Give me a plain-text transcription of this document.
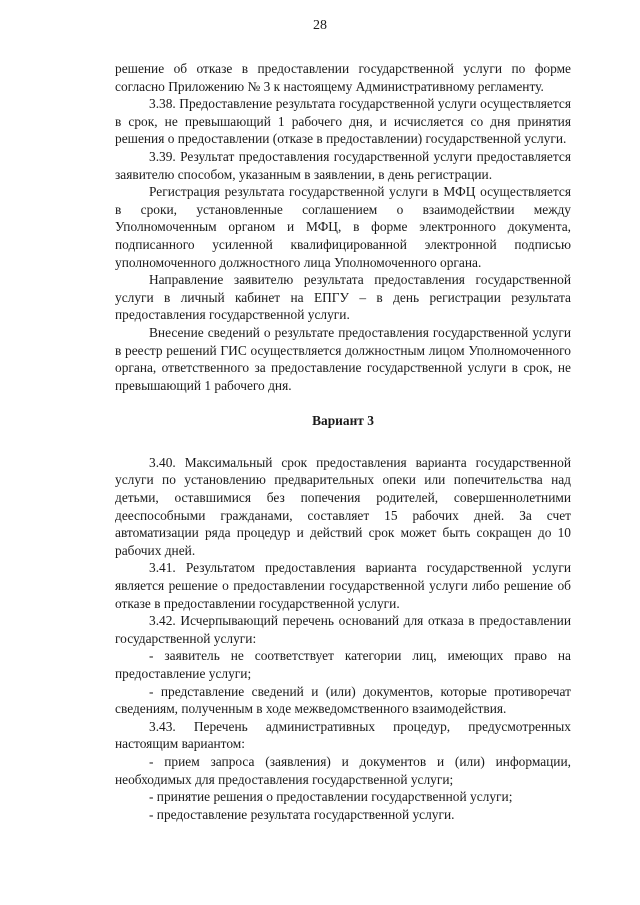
28

решение об отказе в предоставлении государственной услуги по форме согласно Приложению № 3 к настоящему Административному регламенту.

3.38. Предоставление результата государственной услуги осуществляется в срок, не превышающий 1 рабочего дня, и исчисляется со дня принятия решения о предоставлении (отказе в предоставлении) государственной услуги.

3.39. Результат предоставления государственной услуги предоставляется заявителю способом, указанным в заявлении, в день регистрации.

Регистрация результата государственной услуги в МФЦ осуществляется в сроки, установленные соглашением о взаимодействии между Уполномоченным органом и МФЦ, в форме электронного документа, подписанного усиленной квалифицированной электронной подписью уполномоченного должностного лица Уполномоченного органа.

Направление заявителю результата предоставления государственной услуги в личный кабинет на ЕПГУ – в день регистрации результата предоставления государственной услуги.

Внесение сведений о результате предоставления государственной услуги в реестр решений ГИС осуществляется должностным лицом Уполномоченного органа, ответственного за предоставление государственной услуги в срок, не превышающий 1 рабочего дня.

Вариант 3

3.40. Максимальный срок предоставления варианта государственной услуги по установлению предварительных опеки или попечительства над детьми, оставшимися без попечения родителей, совершеннолетними дееспособными гражданами, составляет 15 рабочих дней. За счет автоматизации ряда процедур и действий срок может быть сокращен до 10 рабочих дней.

3.41. Результатом предоставления варианта государственной услуги является решение о предоставлении государственной услуги либо решение об отказе в предоставлении государственной услуги.

3.42. Исчерпывающий перечень оснований для отказа в предоставлении государственной услуги:

- заявитель не соответствует категории лиц, имеющих право на предоставление услуги;

- представление сведений и (или) документов, которые противоречат сведениям, полученным в ходе межведомственного взаимодействия.

3.43. Перечень административных процедур, предусмотренных настоящим вариантом:

- прием запроса (заявления) и документов и (или) информации, необходимых для предоставления государственной услуги;

- принятие решения о предоставлении государственной услуги;

- предоставление результата государственной услуги.
